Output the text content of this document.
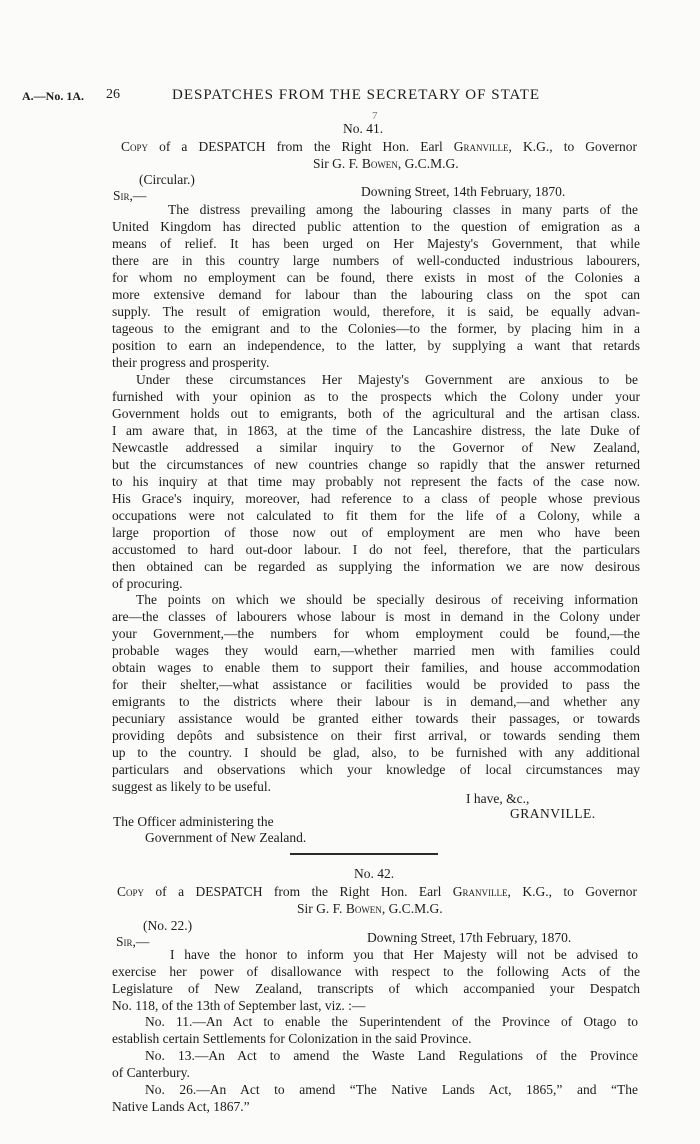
A.—No. 1A. 26	DESPATCHES FROM THE SECRETARY OF STATE
7
No. 41.
Copy of a DESPATCH from the Right Hon. Earl Granville, K.G., to Governor
Sir G. F. Bowen, G.C.M.G.
(Circular.)
Sir,—	Downing Street, 14th February, 1870.
The distress prevailing among the labouring classes in many parts of the
United Kingdom has directed public attention to the question of emigration as a
means of relief. It has been urged on Her Majesty's Government, that while
there are in this country large numbers of well-conducted industrious labourers,
for whom no employment can be found, there exists in most of the Colonies a
more extensive demand for labour than the labouring class on the spot can
supply. The result of emigration would, therefore, it is said, be equally advan-
tageous to the emigrant and to the Colonies—to the former, by placing him in a
position to earn an independence, to the latter, by supplying a want that retards
their progress and prosperity.
Under these circumstances Her Majesty's Government are anxious to be
furnished with your opinion as to the prospects which the Colony under your
Government holds out to emigrants, both of the agricultural and the artisan class.
I am aware that, in 1863, at the time of the Lancashire distress, the late Duke of
Newcastle addressed a similar inquiry to the Governor of New Zealand,
but the circumstances of new countries change so rapidly that the answer returned
to his inquiry at that time may probably not represent the facts of the case now.
His Grace's inquiry, moreover, had reference to a class of people whose previous
occupations were not calculated to fit them for the life of a Colony, while a
large proportion of those now out of employment are men who have been
accustomed to hard out-door labour. I do not feel, therefore, that the particulars
then obtained can be regarded as supplying the information we are now desirous
of procuring.
The points on which we should be specially desirous of receiving information
are—the classes of labourers whose labour is most in demand in the Colony under
your Government,—the numbers for whom employment could be found,—the
probable wages they would earn,—whether married men with families could
obtain wages to enable them to support their families, and house accommodation
for their shelter,—what assistance or facilities would be provided to pass the
emigrants to the districts where their labour is in demand,—and whether any
pecuniary assistance would be granted either towards their passages, or towards
providing depôts and subsistence on their first arrival, or towards sending them
up to the country. I should be glad, also, to be furnished with any additional
particulars and observations which your knowledge of local circumstances may
suggest as likely to be useful.
I have, &c.,
GRANVILLE.
The Officer administering the
Government of New Zealand.
No. 42.
Copy of a DESPATCH from the Right Hon. Earl Granville, K.G., to Governor
Sir G. F. Bowen, G.C.M.G.
(No. 22.)
Sir,—	Downing Street, 17th February, 1870.
I have the honor to inform you that Her Majesty will not be advised to
exercise her power of disallowance with respect to the following Acts of the
Legislature of New Zealand, transcripts of which accompanied your Despatch
No. 118, of the 13th of September last, viz. :—
No. 11.—An Act to enable the Superintendent of the Province of Otago to
establish certain Settlements for Colonization in the said Province.
No. 13.—An Act to amend the Waste Land Regulations of the Province
of Canterbury.
No. 26.—An Act to amend “The Native Lands Act, 1865,” and “The
Native Lands Act, 1867.”
